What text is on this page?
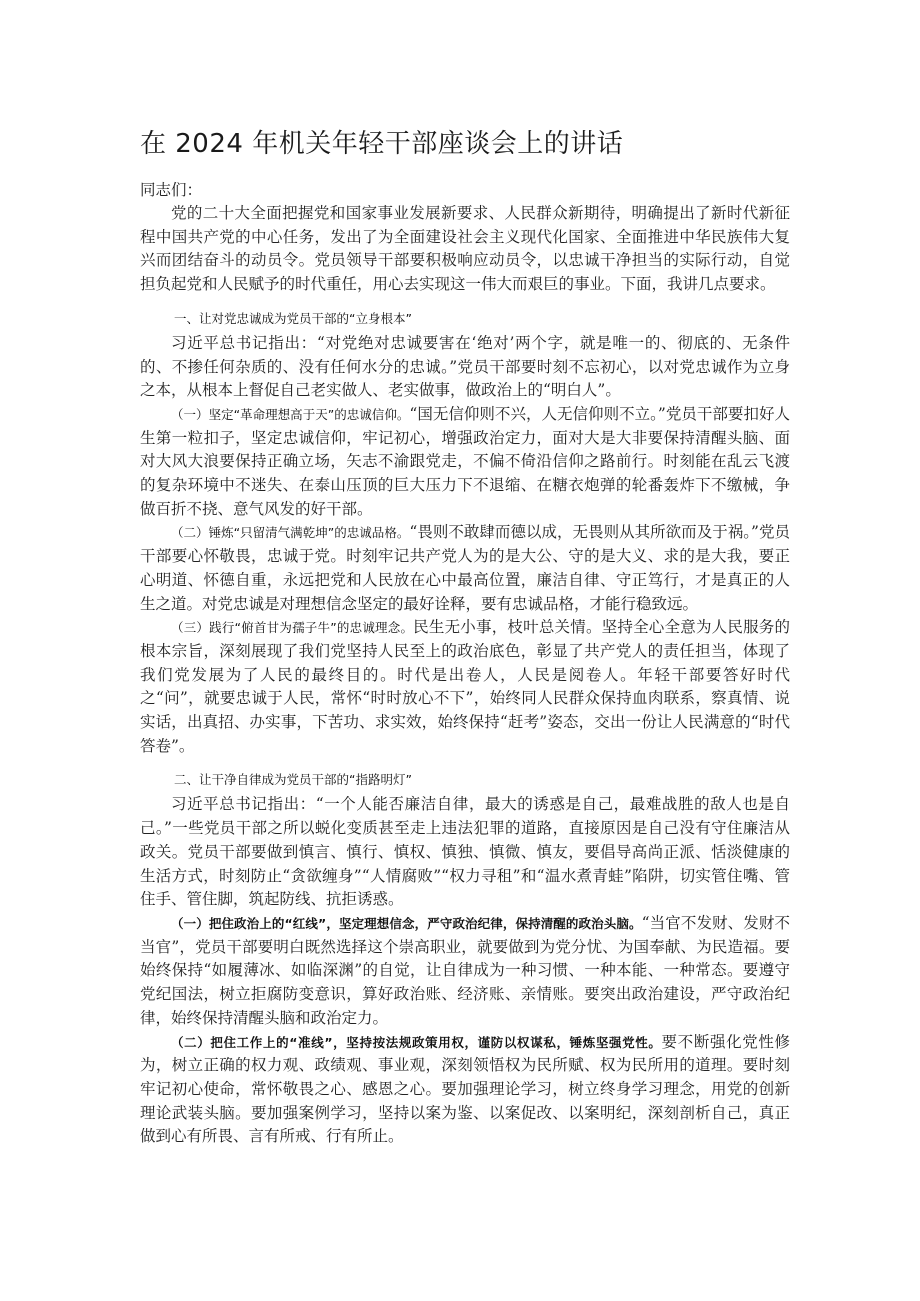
在 2024 年机关年轻干部座谈会上的讲话

同志们：

党的二十大全面把握党和国家事业发展新要求、人民群众新期待，明确提出了新时代新征程中国共产党的中心任务，发出了为全面建设社会主义现代化国家、全面推进中华民族伟大复兴而团结奋斗的动员令。党员领导干部要积极响应动员令，以忠诚干净担当的实际行动，自觉担负起党和人民赋予的时代重任，用心去实现这一伟大而艰巨的事业。下面，我讲几点要求。

一、让对党忠诚成为党员干部的“立身根本”

习近平总书记指出：“对党绝对忠诚要害在‘绝对’两个字，就是唯一的、彻底的、无条件的、不掺任何杂质的、没有任何水分的忠诚。”党员干部要时刻不忘初心，以对党忠诚作为立身之本，从根本上督促自己老实做人、老实做事，做政治上的“明白人”。

（一）坚定“革命理想高于天”的忠诚信仰。“国无信仰则不兴，人无信仰则不立。”党员干部要扣好人生第一粒扣子，坚定忠诚信仰，牢记初心，增强政治定力，面对大是大非要保持清醒头脑、面对大风大浪要保持正确立场，矢志不渝跟党走，不偏不倚沿信仰之路前行。时刻能在乱云飞渡的复杂环境中不迷失、在泰山压顶的巨大压力下不退缩、在糖衣炮弹的轮番轰炸下不缴械，争做百折不挠、意气风发的好干部。

（二）锤炼“只留清气满乾坤”的忠诚品格。“畏则不敢肆而德以成，无畏则从其所欲而及于祸。”党员干部要心怀敬畏，忠诚于党。时刻牢记共产党人为的是大公、守的是大义、求的是大我，要正心明道、怀德自重，永远把党和人民放在心中最高位置，廉洁自律、守正笃行，才是真正的人生之道。对党忠诚是对理想信念坚定的最好诠释，要有忠诚品格，才能行稳致远。

（三）践行“俯首甘为孺子牛”的忠诚理念。民生无小事，枝叶总关情。坚持全心全意为人民服务的根本宗旨，深刻展现了我们党坚持人民至上的政治底色，彰显了共产党人的责任担当，体现了我们党发展为了人民的最终目的。时代是出卷人，人民是阅卷人。年轻干部要答好时代之“问”，就要忠诚于人民，常怀“时时放心不下”，始终同人民群众保持血肉联系，察真情、说实话，出真招、办实事，下苦功、求实效，始终保持“赶考”姿态，交出一份让人民满意的“时代答卷”。

二、让干净自律成为党员干部的“指路明灯”

习近平总书记指出：“一个人能否廉洁自律，最大的诱惑是自己，最难战胜的敌人也是自己。”一些党员干部之所以蜕化变质甚至走上违法犯罪的道路，直接原因是自己没有守住廉洁从政关。党员干部要做到慎言、慎行、慎权、慎独、慎微、慎友，要倡导高尚正派、恬淡健康的生活方式，时刻防止“贪欲缠身”“人情腐败”“权力寻租”和“温水煮青蛙”陷阱，切实管住嘴、管住手、管住脚，筑起防线、抗拒诱惑。

（一）把住政治上的“红线”，坚定理想信念，严守政治纪律，保持清醒的政治头脑。“当官不发财、发财不当官”，党员干部要明白既然选择这个崇高职业，就要做到为党分忧、为国奉献、为民造福。要始终保持“如履薄冰、如临深渊”的自觉，让自律成为一种习惯、一种本能、一种常态。要遵守党纪国法，树立拒腐防变意识，算好政治账、经济账、亲情账。要突出政治建设，严守政治纪律，始终保持清醒头脑和政治定力。

（二）把住工作上的“准线”，坚持按法规政策用权，谨防以权谋私，锤炼坚强党性。要不断强化党性修为，树立正确的权力观、政绩观、事业观，深刻领悟权为民所赋、权为民所用的道理。要时刻牢记初心使命，常怀敬畏之心、感恩之心。要加强理论学习，树立终身学习理念，用党的创新理论武装头脑。要加强案例学习，坚持以案为鉴、以案促改、以案明纪，深刻剖析自己，真正做到心有所畏、言有所戒、行有所止。
